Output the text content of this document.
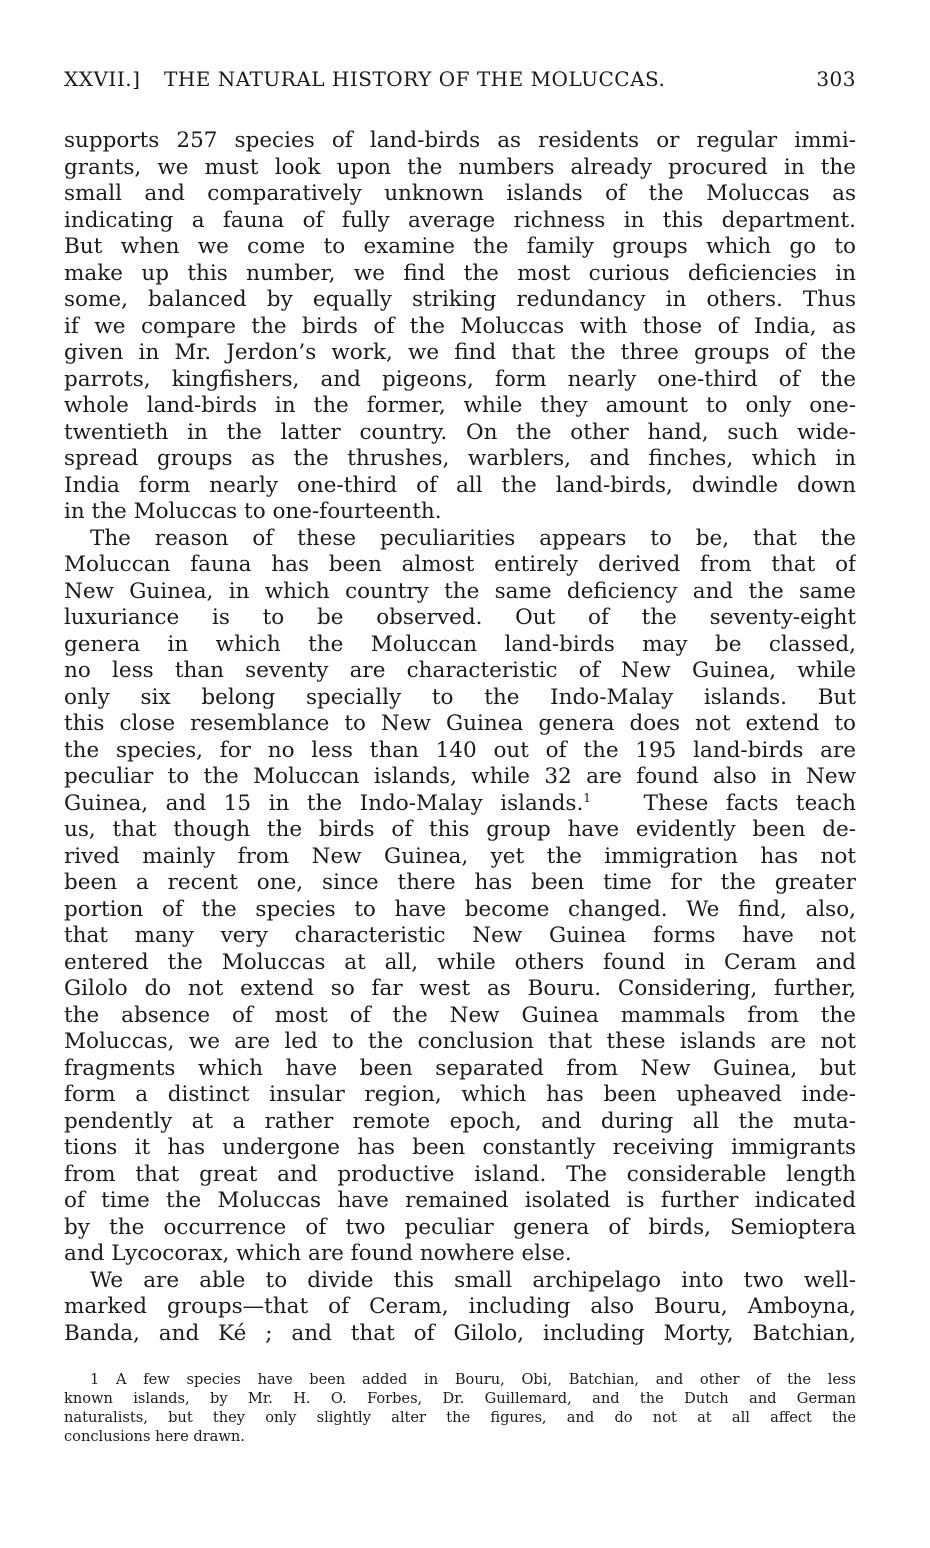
XXVII.] THE NATURAL HISTORY OF THE MOLUCCAS.	303
supports 257 species of land-birds as residents or regular immi-
grants, we must look upon the numbers already procured in the
small and comparatively unknown islands of the Moluccas as
indicating a fauna of fully average richness in this department.
But when we come to examine the family groups which go to
make up this number, we find the most curious deficiencies in
some, balanced by equally striking redundancy in others. Thus
if we compare the birds of the Moluccas with those of India, as
given in Mr. Jerdon’s work, we find that the three groups of the
parrots, kingfishers, and pigeons, form nearly one-third of the
whole land-birds in the former, while they amount to only one-
twentieth in the latter country. On the other hand, such wide-
spread groups as the thrushes, warblers, and finches, which in
India form nearly one-third of all the land-birds, dwindle down
in the Moluccas to one-fourteenth.
The reason of these peculiarities appears to be, that the
Moluccan fauna has been almost entirely derived from that of
New Guinea, in which country the same deficiency and the same
luxuriance is to be observed. Out of the seventy-eight
genera in which the Moluccan land-birds may be classed,
no less than seventy are characteristic of New Guinea, while
only six belong specially to the Indo-Malay islands. But
this close resemblance to New Guinea genera does not extend to
the species, for no less than 140 out of the 195 land-birds are
peculiar to the Moluccan islands, while 32 are found also in New
Guinea, and 15 in the Indo-Malay islands.$^1$ These facts teach
us, that though the birds of this group have evidently been de-
rived mainly from New Guinea, yet the immigration has not
been a recent one, since there has been time for the greater
portion of the species to have become changed. We find, also,
that many very characteristic New Guinea forms have not
entered the Moluccas at all, while others found in Ceram and
Gilolo do not extend so far west as Bouru. Considering, further,
the absence of most of the New Guinea mammals from the
Moluccas, we are led to the conclusion that these islands are not
fragments which have been separated from New Guinea, but
form a distinct insular region, which has been upheaved inde-
pendently at a rather remote epoch, and during all the muta-
tions it has undergone has been constantly receiving immigrants
from that great and productive island. The considerable length
of time the Moluccas have remained isolated is further indicated
by the occurrence of two peculiar genera of birds, Semioptera
and Lycocorax, which are found nowhere else.
We are able to divide this small archipelago into two well-
marked groups—that of Ceram, including also Bouru, Amboyna,
Banda, and Ké ; and that of Gilolo, including Morty, Batchian,
1 A few species have been added in Bouru, Obi, Batchian, and other of the less
known islands, by Mr. H. O. Forbes, Dr. Guillemard, and the Dutch and German
naturalists, but they only slightly alter the figures, and do not at all affect the
conclusions here drawn.
